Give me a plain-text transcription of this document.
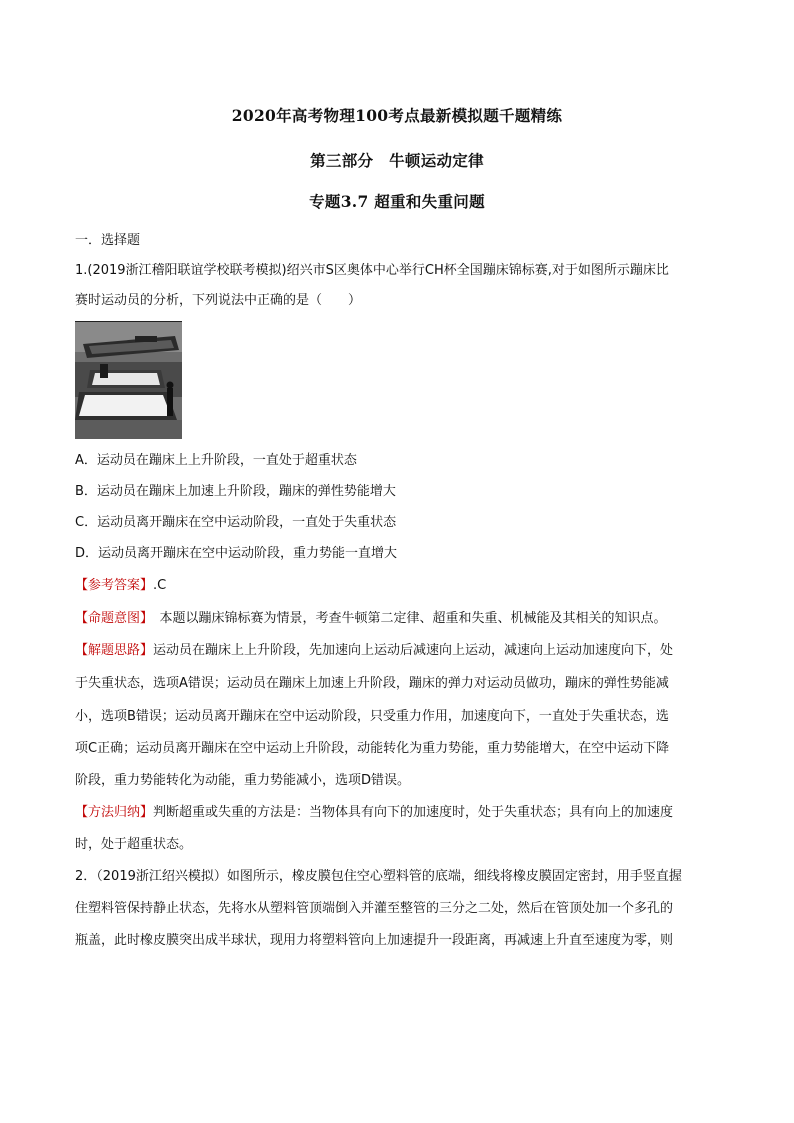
2020年高考物理100考点最新模拟题千题精练
第三部分　牛顿运动定律
专题3.7 超重和失重问题
一．选择题
1.(2019浙江稽阳联谊学校联考模拟)绍兴市S区奥体中心举行CH杯全国蹦床锦标赛,对于如图所示蹦床比
赛时运动员的分析，下列说法中正确的是（　　）
A．运动员在蹦床上上升阶段，一直处于超重状态
B．运动员在蹦床上加速上升阶段，蹦床的弹性势能增大
C．运动员离开蹦床在空中运动阶段，一直处于失重状态
D．运动员离开蹦床在空中运动阶段，重力势能一直增大
【参考答案】.C
【命题意图】　本题以蹦床锦标赛为情景，考查牛顿第二定律、超重和失重、机械能及其相关的知识点。
【解题思路】运动员在蹦床上上升阶段，先加速向上运动后减速向上运动，减速向上运动加速度向下，处
于失重状态，选项A错误；运动员在蹦床上加速上升阶段，蹦床的弹力对运动员做功，蹦床的弹性势能减
小，选项B错误；运动员离开蹦床在空中运动阶段，只受重力作用，加速度向下，一直处于失重状态，选
项C正确；运动员离开蹦床在空中运动上升阶段，动能转化为重力势能，重力势能增大，在空中运动下降
阶段，重力势能转化为动能，重力势能减小，选项D错误。
【方法归纳】判断超重或失重的方法是：当物体具有向下的加速度时，处于失重状态；具有向上的加速度
时，处于超重状态。
2．（2019浙江绍兴模拟）如图所示，橡皮膜包住空心塑料管的底端，细线将橡皮膜固定密封，用手竖直握
住塑料管保持静止状态，先将水从塑料管顶端倒入并灌至整管的三分之二处，然后在管顶处加一个多孔的
瓶盖，此时橡皮膜突出成半球状，现用力将塑料管向上加速提升一段距离，再减速上升直至速度为零，则
